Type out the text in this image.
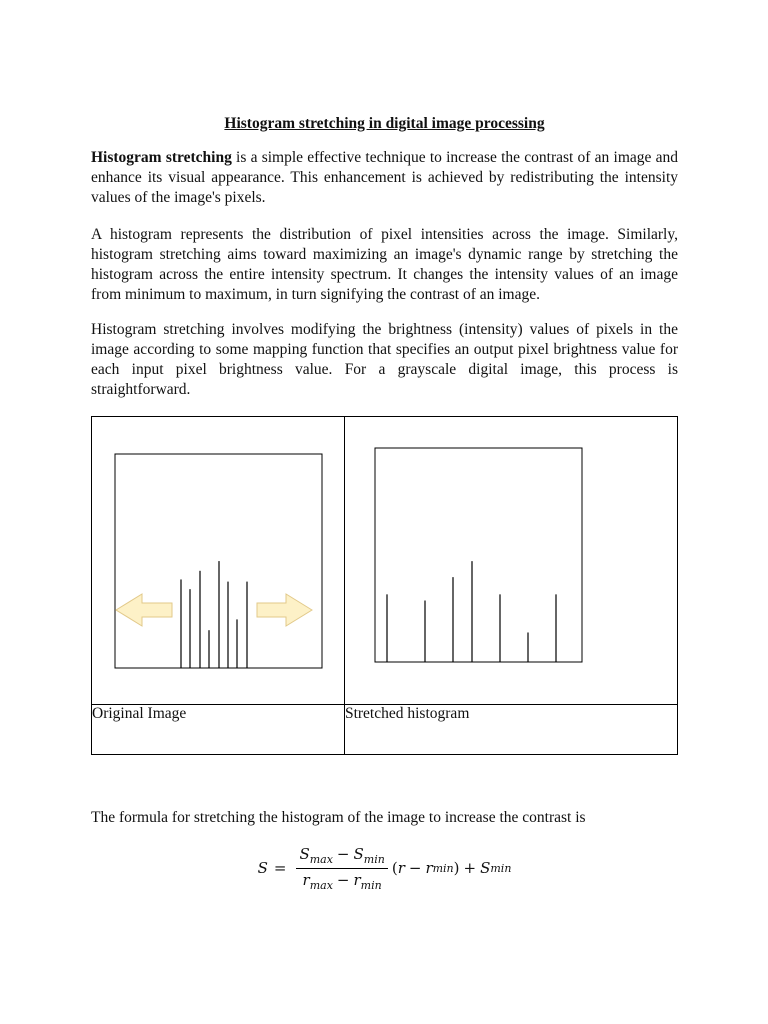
Histogram stretching in digital image processing

Histogram stretching is a simple effective technique to increase the contrast of an image and enhance its visual appearance. This enhancement is achieved by redistributing the intensity values of the image's pixels.

A histogram represents the distribution of pixel intensities across the image. Similarly, histogram stretching aims toward maximizing an image's dynamic range by stretching the histogram across the entire intensity spectrum. It changes the intensity values of an image from minimum to maximum, in turn signifying the contrast of an image.

Histogram stretching involves modifying the brightness (intensity) values of pixels in the image according to some mapping function that specifies an output pixel brightness value for each input pixel brightness value. For a grayscale digital image, this process is straightforward.

Original Image	Stretched histogram

The formula for stretching the histogram of the image to increase the contrast is

$S = \frac{S_{max} - S_{min}}{r_{max} - r_{min}}$ ( r − r min ) + S min
